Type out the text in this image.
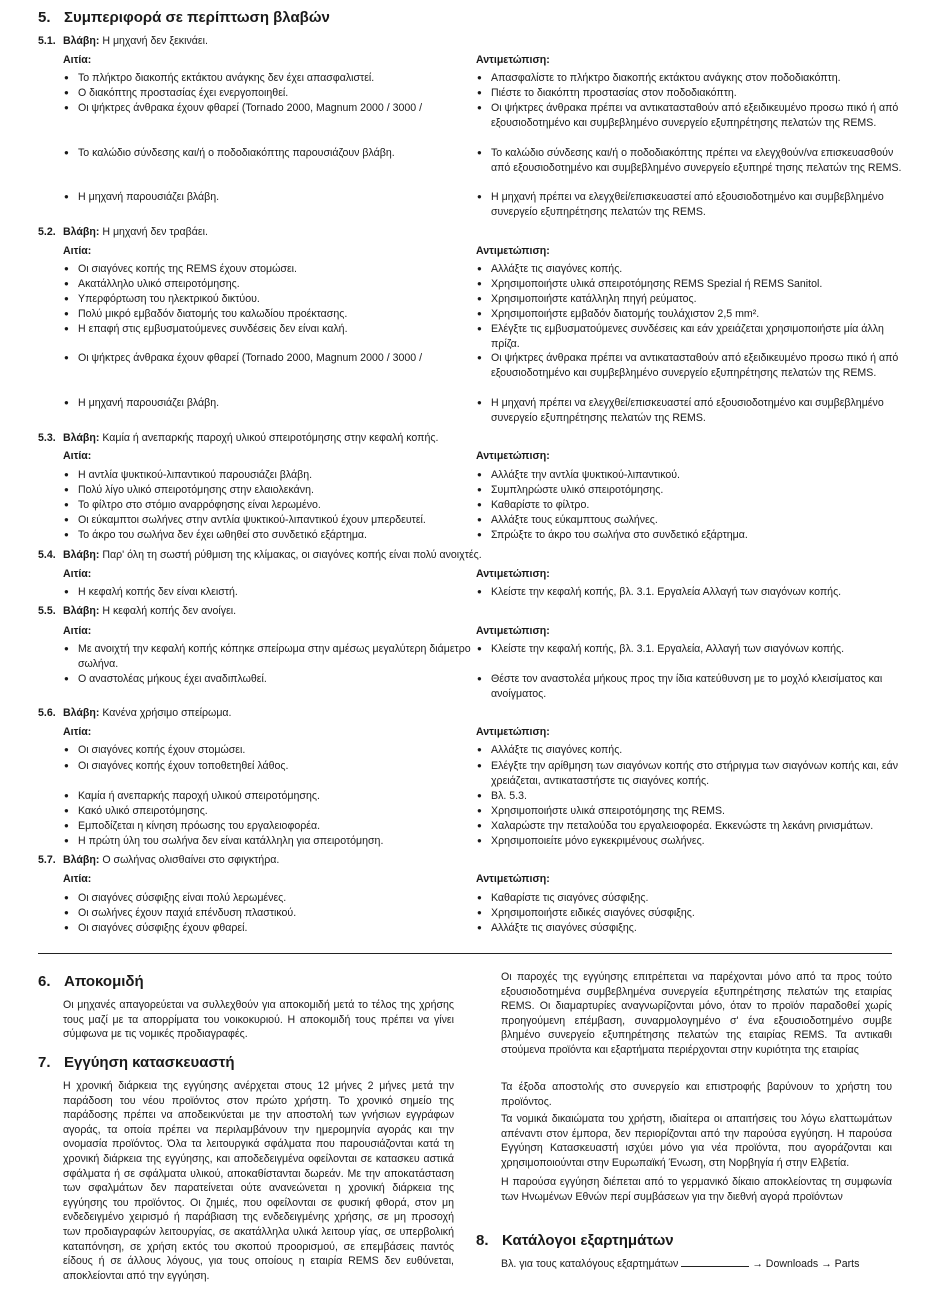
5. Συμπεριφορά σε περίπτωση βλαβών
5.1. Βλάβη: Η μηχανή δεν ξεκινάει.
Αιτία:	Αντιμετώπιση:
● Το πλήκτρο διακοπής εκτάκτου ανάγκης δεν έχει απασφαλιστεί.
● Ο διακόπτης προστασίας έχει ενεργοποιηθεί.
● Οι ψήκτρες άνθρακα έχουν φθαρεί (Tornado 2000, Magnum 2000 / 3000 /
● Το καλώδιο σύνδεσης και/ή ο ποδοδιακόπτης παρουσιάζουν βλάβη.
● Η μηχανή παρουσιάζει βλάβη.
● Απασφαλίστε το πλήκτρο διακοπής εκτάκτου ανάγκης στον ποδοδιακόπτη.
● Πιέστε το διακόπτη προστασίας στον ποδοδιακόπτη.
● Οι ψήκτρες άνθρακα πρέπει να αντικατασταθούν από εξειδικευμένο προσω πικό ή από εξουσιοδοτημένο και συμβεβλημένο συνεργείο εξυπηρέτησης πελατών της REMS.
● Το καλώδιο σύνδεσης και/ή ο ποδοδιακόπτης πρέπει να ελεγχθούν/να επισκευασθούν από εξουσιοδοτημένο και συμβεβλημένο συνεργείο εξυπηρέ τησης πελατών της REMS.
● Η μηχανή πρέπει να ελεγχθεί/επισκευαστεί από εξουσιοδοτημένο και συμβεβλημένο συνεργείο εξυπηρέτησης πελατών της REMS.
5.2. Βλάβη: Η μηχανή δεν τραβάει.
Αιτία:	Αντιμετώπιση:
● Οι σιαγόνες κοπής της REMS έχουν στομώσει.
● Ακατάλληλο υλικό σπειροτόμησης.
● Υπερφόρτωση του ηλεκτρικού δικτύου.
● Πολύ μικρό εμβαδόν διατομής του καλωδίου προέκτασης.
● Η επαφή στις εμβυσματούμενες συνδέσεις δεν είναι καλή.
● Οι ψήκτρες άνθρακα έχουν φθαρεί (Tornado 2000, Magnum 2000 / 3000 /
● Η μηχανή παρουσιάζει βλάβη.
● Αλλάξτε τις σιαγόνες κοπής.
● Χρησιμοποιήστε υλικά σπειροτόμησης REMS Spezial ή REMS Sanitol.
● Χρησιμοποιήστε κατάλληλη πηγή ρεύματος.
● Χρησιμοποιήστε εμβαδόν διατομής τουλάχιστον 2,5 mm².
● Ελέγξτε τις εμβυσματούμενες συνδέσεις και εάν χρειάζεται χρησιμοποιήστε μία άλλη πρίζα.
● Οι ψήκτρες άνθρακα πρέπει να αντικατασταθούν από εξειδικευμένο προσω πικό ή από εξουσιοδοτημένο και συμβεβλημένο συνεργείο εξυπηρέτησης πελατών της REMS.
● Η μηχανή πρέπει να ελεγχθεί/επισκευαστεί από εξουσιοδοτημένο και συμβεβλημένο συνεργείο εξυπηρέτησης πελατών της REMS.
5.3. Βλάβη: Καμία ή ανεπαρκής παροχή υλικού σπειροτόμησης στην κεφαλή κοπής.
Αιτία:	Αντιμετώπιση:
● Η αντλία ψυκτικού-λιπαντικού παρουσιάζει βλάβη.
● Πολύ λίγο υλικό σπειροτόμησης στην ελαιολεκάνη.
● Το φίλτρο στο στόμιο αναρρόφησης είναι λερωμένο.
● Οι εύκαμπτοι σωλήνες στην αντλία ψυκτικού-λιπαντικού έχουν μπερδευτεί.
● Το άκρο του σωλήνα δεν έχει ωθηθεί στο συνδετικό εξάρτημα.
● Αλλάξτε την αντλία ψυκτικού-λιπαντικού.
● Συμπληρώστε υλικό σπειροτόμησης.
● Καθαρίστε το φίλτρο.
● Αλλάξτε τους εύκαμπτους σωλήνες.
● Σπρώξτε το άκρο του σωλήνα στο συνδετικό εξάρτημα.
5.4. Βλάβη: Παρ' όλη τη σωστή ρύθμιση της κλίμακας, οι σιαγόνες κοπής είναι πολύ ανοιχτές.
Αιτία:	Αντιμετώπιση:
● Η κεφαλή κοπής δεν είναι κλειστή.
●	Κλείστε την κεφαλή κοπής, βλ. 3.1. Εργαλεία Αλλαγή των σιαγόνων κοπής.
5.5. Βλάβη: Η κεφαλή κοπής δεν ανοίγει.
Αιτία:	Αντιμετώπιση:
● Με ανοιχτή την κεφαλή κοπής κόπηκε σπείρωμα στην αμέσως μεγαλύτερη διάμετρο σωλήνα.
● Ο αναστολέας μήκους έχει αναδιπλωθεί.
● Κλείστε την κεφαλή κοπής, βλ. 3.1. Εργαλεία, Αλλαγή των σιαγόνων κοπής.
● Θέστε τον αναστολέα μήκους προς την ίδια κατεύθυνση με το μοχλό κλεισίματος και ανοίγματος.
5.6. Βλάβη: Κανένα χρήσιμο σπείρωμα.
Αιτία:	Αντιμετώπιση:
● Οι σιαγόνες κοπής έχουν στομώσει.
● Οι σιαγόνες κοπής έχουν τοποθετηθεί λάθος.
● Καμία ή ανεπαρκής παροχή υλικού σπειροτόμησης.
● Κακό υλικό σπειροτόμησης.
● Εμποδίζεται η κίνηση πρόωσης του εργαλειοφορέα.
● Η πρώτη ύλη του σωλήνα δεν είναι κατάλληλη για σπειροτόμηση.
● Αλλάξτε τις σιαγόνες κοπής.
● Ελέγξτε την αρίθμηση των σιαγόνων κοπής στο στήριγμα των σιαγόνων κοπής και, εάν χρειάζεται, αντικαταστήστε τις σιαγόνες κοπής.
● Βλ. 5.3.
● Χρησιμοποιήστε υλικά σπειροτόμησης της REMS.
● Χαλαρώστε την πεταλούδα του εργαλειοφορέα. Εκκενώστε τη λεκάνη ρινισμάτων.
● Χρησιμοποιείτε μόνο εγκεκριμένους σωλήνες.
5.7. Βλάβη: Ο σωλήνας ολισθαίνει στο σφιγκτήρα.
Αιτία:	Αντιμετώπιση:
● Οι σιαγόνες σύσφιξης είναι πολύ λερωμένες.
● Οι σωλήνες έχουν παχιά επένδυση πλαστικού.
● Οι σιαγόνες σύσφιξης έχουν φθαρεί.
● Καθαρίστε τις σιαγόνες σύσφιξης.
● Χρησιμοποιήστε ειδικές σιαγόνες σύσφιξης.
● Αλλάξτε τις σιαγόνες σύσφιξης.
6. Αποκομιδή
Οι μηχανές απαγορεύεται να συλλεχθούν για αποκομιδή μετά το τέλος της χρήσης τους μαζί με τα απορρίματα του νοικοκυριού. Η αποκομιδή τους πρέπει να γίνει σύμφωνα με τις νομικές προδιαγραφές.
7. Εγγύηση κατασκευαστή
Η χρονική διάρκεια της εγγύησης ανέρχεται στους 12 μήνες 2 μήνες μετά την παράδοση του νέου προϊόντος στον πρώτο χρήστη. Το χρονικό σημείο της παράδοσης πρέπει να αποδεικνύεται με την αποστολή των γνήσιων εγγράφων αγοράς, τα οποία πρέπει να περιλαμβάνουν την ημερομηνία αγοράς και την ονομασία προϊόντος. Όλα τα λειτουργικά σφάλματα που παρουσιάζονται κατά τη χρονική διάρκεια της εγγύησης, και αποδεδειγμένα οφείλονται σε κατασκευ αστικά σφάλματα ή σε σφάλματα υλικού, αποκαθίστανται δωρεάν. Με την αποκατάσταση των σφαλμάτων δεν παρατείνεται ούτε ανανεώνεται η χρονική διάρκεια της εγγύησης του προϊόντος. Οι ζημιές, που οφείλονται σε φυσική φθορά, στον μη ενδεδειγμένο χειρισμό ή παράβιαση της ενδεδειγμένης χρήσης, σε μη προσοχή των προδιαγραφών λειτουργίας, σε ακατάλληλα υλικά λειτουρ γίας, σε υπερβολική καταπόνηση, σε χρήση εκτός του σκοπού προορισμού, σε επεμβάσεις παντός είδους ή σε άλλους λόγους, για τους οποίους η εταιρία REMS δεν ευθύνεται, αποκλείονται από την εγγύηση.
Οι παροχές της εγγύησης επιτρέπεται να παρέχονται μόνο από τα προς τούτο εξουσιοδοτημένα συμβεβλημένα συνεργεία εξυπηρέτησης πελατών της εταιρίας REMS. Οι διαμαρτυρίες αναγνωρίζονται μόνο, όταν το προϊόν παραδοθεί χωρίς προηγούμενη επέμβαση, συναρμολογημένο σ' ένα εξουσιοδοτημένο συμβε βλημένο συνεργείο εξυπηρέτησης πελατών της εταιρίας REMS. Τα αντικαθι στούμενα προϊόντα και εξαρτήματα περιέρχονται στην κυριότητα της εταιρίας
Τα έξοδα αποστολής στο συνεργείο και επιστροφής βαρύνουν το χρήστη του προϊόντος.
Τα νομικά δικαιώματα του χρήστη, ιδιαίτερα οι απαιτήσεις του λόγω ελαττωμάτων απέναντι στον έμπορα, δεν περιορίζονται από την παρούσα εγγύηση. Η παρούσα Εγγύηση Κατασκευαστή ισχύει μόνο για νέα προϊόντα, που αγοράζονται και χρησιμοποιούνται στην Ευρωπαϊκή Ένωση, στη Νορβηγία ή στην Ελβετία.
Η παρούσα εγγύηση διέπεται από το γερμανικό δίκαιο αποκλείοντας τη συμφωνία των Ηνωμένων Εθνών περί συμβάσεων για την διεθνή αγορά προϊόντων
8. Κατάλογοι εξαρτημάτων
Βλ. για τους καταλόγους εξαρτημάτων	→ Downloads → Parts
